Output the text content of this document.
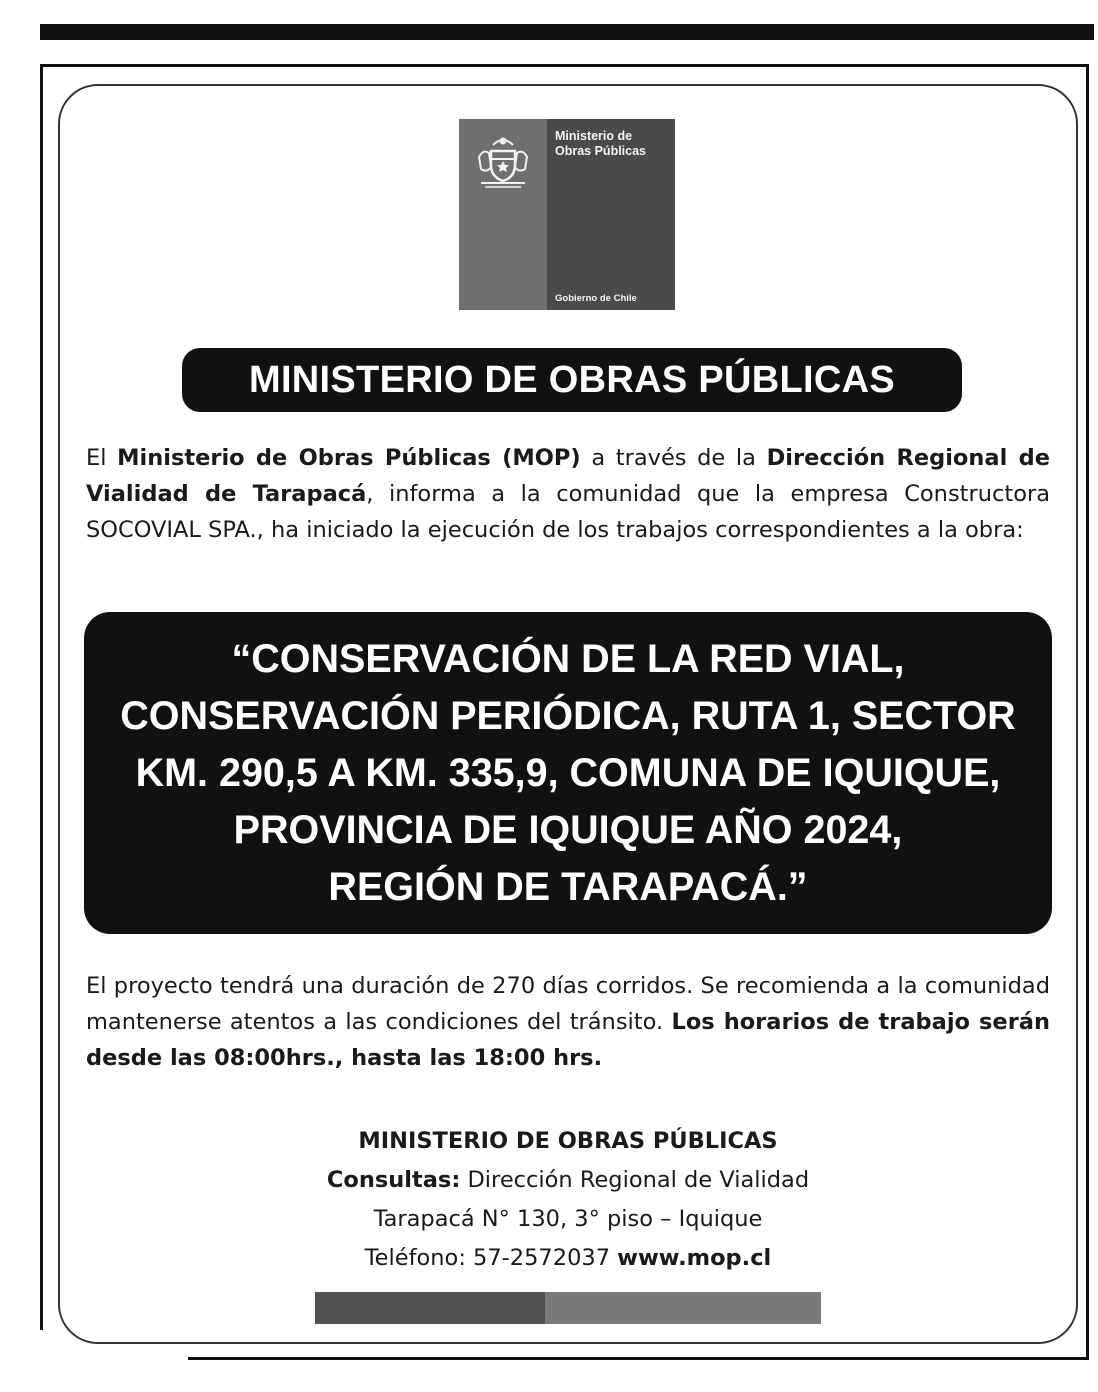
Ministerio de
Obras Públicas
Gobierno de Chile
MINISTERIO DE OBRAS PÚBLICAS
El Ministerio de Obras Públicas (MOP) a través de la Dirección Regional de Vialidad de Tarapacá, informa a la comunidad que la empresa Constructora SOCOVIAL SPA., ha iniciado la ejecución de los trabajos correspondientes a la obra:
“CONSERVACIÓN DE LA RED VIAL,
CONSERVACIÓN PERIÓDICA, RUTA 1, SECTOR
KM. 290,5 A KM. 335,9, COMUNA DE IQUIQUE,
PROVINCIA DE IQUIQUE AÑO 2024,
REGIÓN DE TARAPACÁ.”
El proyecto tendrá una duración de 270 días corridos. Se recomienda a la comunidad mantenerse atentos a las condiciones del tránsito. Los horarios de trabajo serán desde las 08:00hrs., hasta las 18:00 hrs.
MINISTERIO DE OBRAS PÚBLICAS
Consultas: Dirección Regional de Vialidad
Tarapacá N° 130, 3° piso – Iquique
Teléfono: 57-2572037 www.mop.cl
